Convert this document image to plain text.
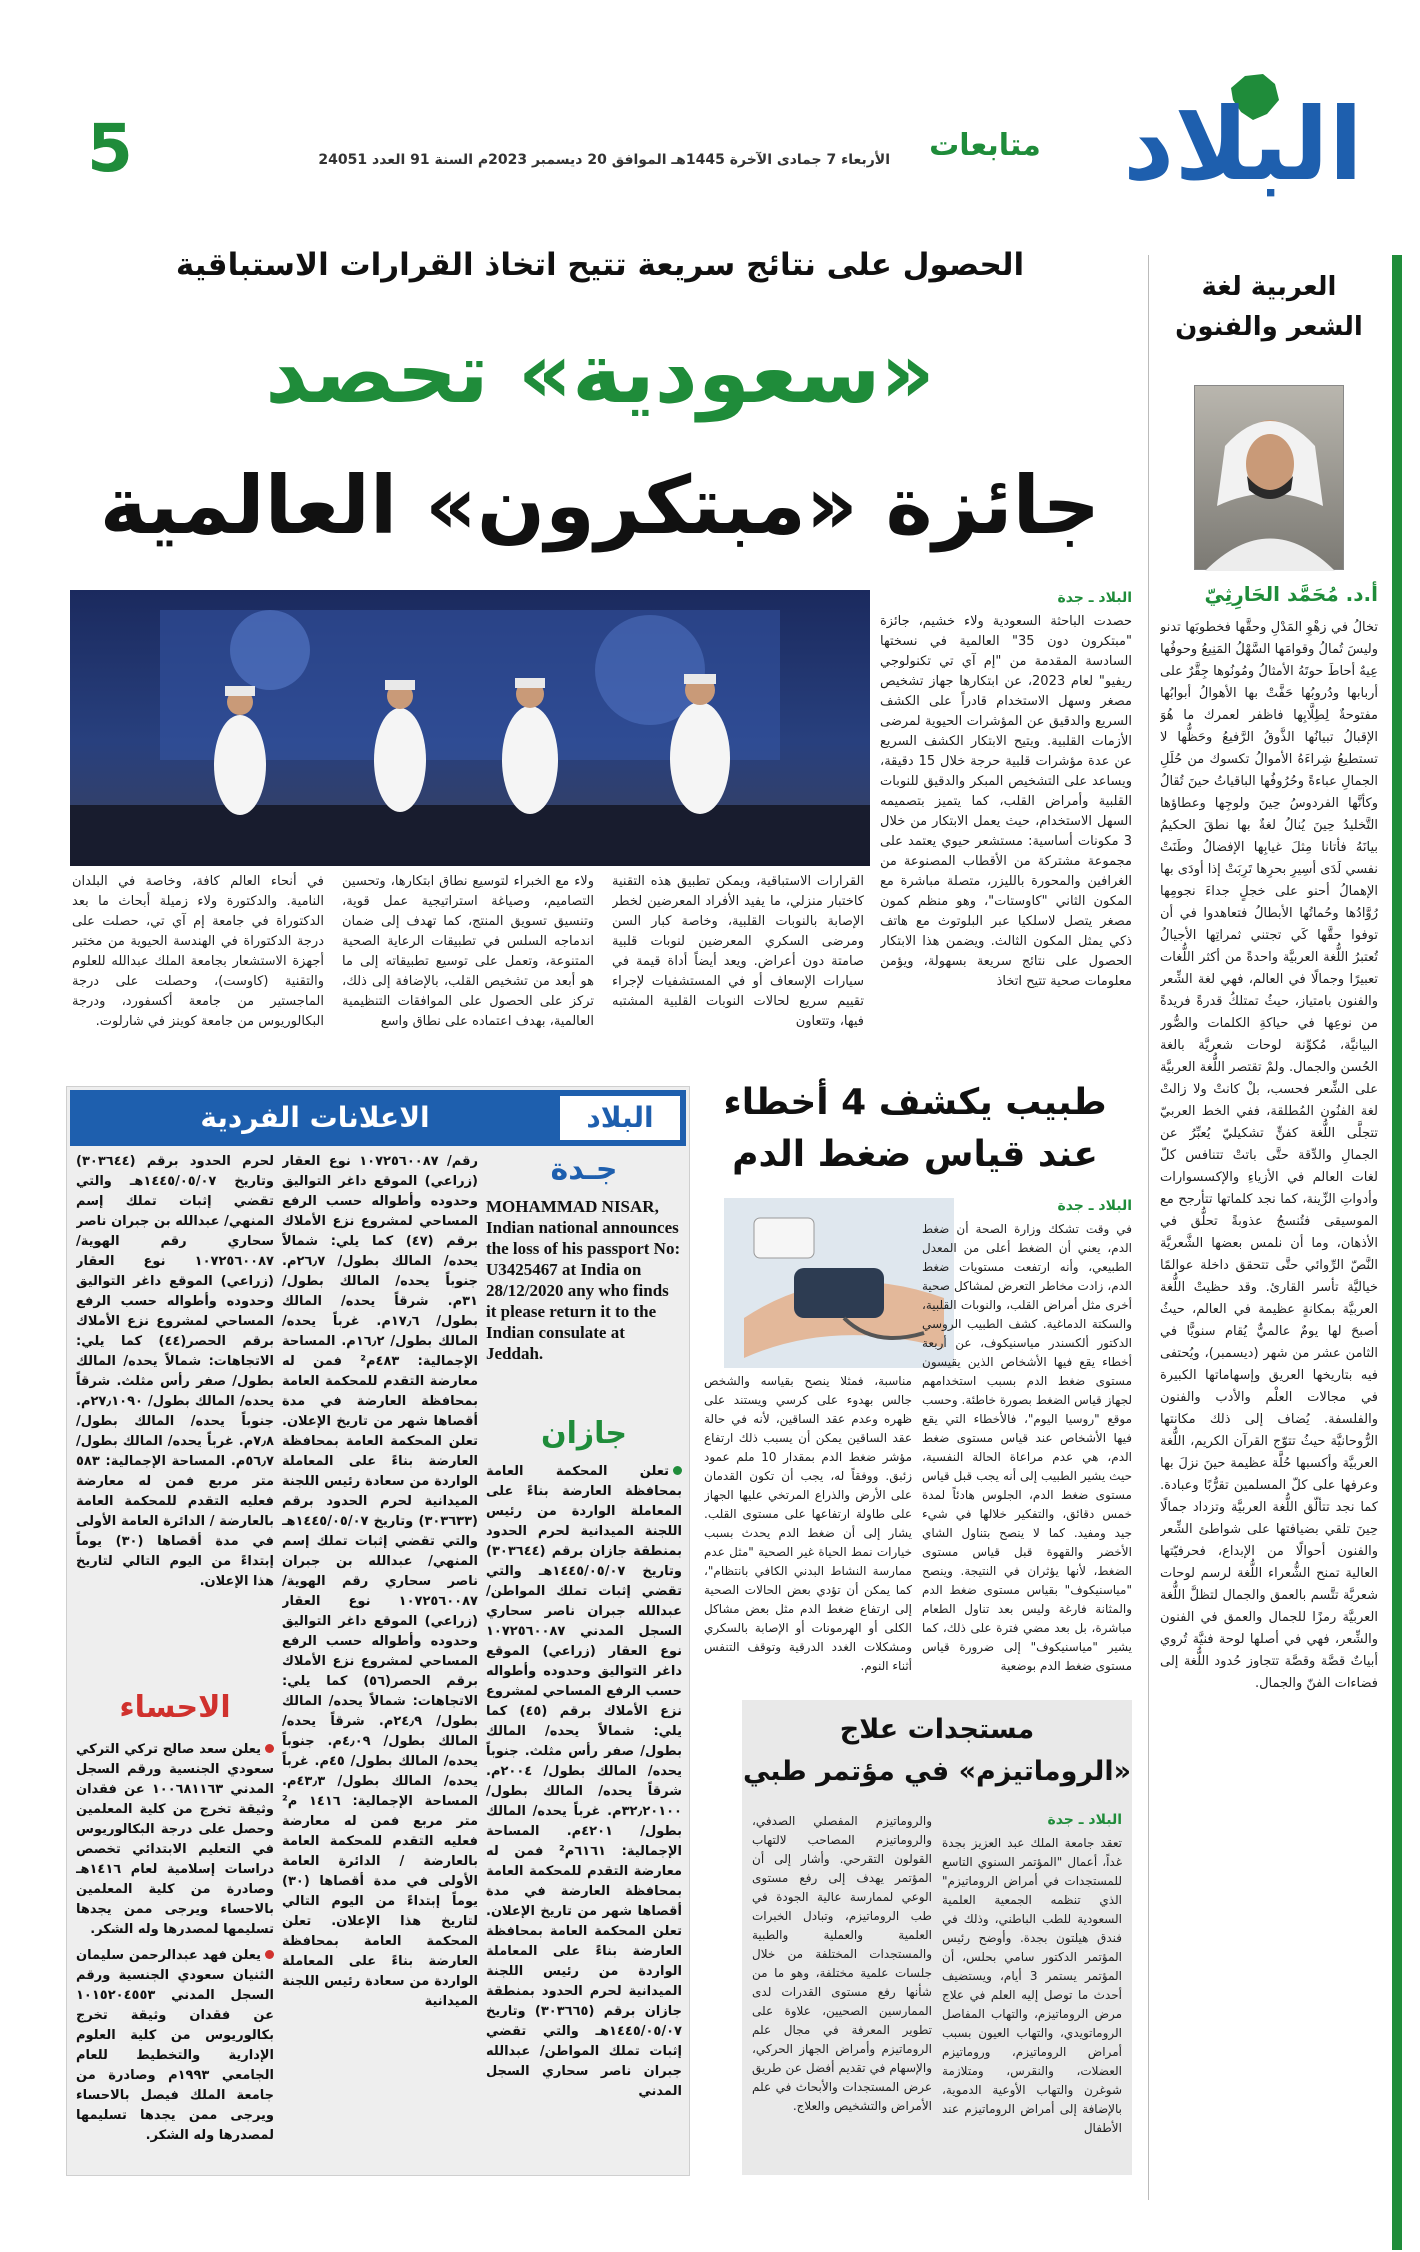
البلاد
متابعات
الأربعاء 7 جمادى الآخرة 1445هـ الموافق 20 ديسمبر 2023م السنة 91 العدد 24051
5
العربية لغة
الشعر والفنون
أ.د. مُحَمَّد الحَارِثِيّ
تخالُ في زهْوِ المَدْلِ وحقَّها فخطوبَها تدنو وليسَ تُمالُ وقوامَها السَّهْلُ المَنِيعُ وحوفُها عِيهٌ أحاطَ حوتَهُ الأمثالُ ومُونُوها جِقَّرٌ على أربابها ودُروبُها حَفَّتْ بها الأهوالُ أبوابُها مفتوحةٌ لِطِلَّابِها فاظفر لعمرك ما هُوَ الإقبالُ تبيانُها الذَّوقُ الرَّفيعُ وحَظُّها لا تستطيعُ شِراءَهُ الأموالُ تكسوك من حُلَلِ الجمالِ عباءةً وحُرُوفُها الباقياتُ حينَ تُقالُ وكأنَّها الفردوسُ حِينَ ولوجِها وعطاؤها التَّخليدُ حِينَ يُنالُ لغةٌ بها نطقَ الحكيمُ بيانَهُ فأتانا مِثلَ غيابِها الإفضالُ وطَنَتْ نفسي لَدَى أسِيرِ بحرِها تَرِبَتْ إذا أودَى بها الإهمالُ أحنو على خجلٍ جداءَ نجومِها رُوَّادُها وحُماتُها الأبطالُ فتعاهدوا في أن توفوا حقَّها كَي تجتني ثمراتِها الأجيالُ تُعتبرُ اللُّغة العربيَّة واحدةً من أكثر اللُّغات تعبيرًا وجمالًا في العالم، فهي لغة الشِّعر والفنون بامتياز، حيثُ تمتلكُ قدرةً فريدةً من نوعِها في حياكةِ الكلمات والصُّور البيانيَّة، مُكوِّنة لوحات شعريَّة بالغة الحُسن والجمال. ولمْ تقتصر اللُّغة العربيَّة على الشِّعر فحسب، بلْ كانتْ ولا زالتْ لغة الفنُون المُطلقة، ففي الخط العربيّ تتجلَّى اللُّغة كفنٍّ تشكيليّ يُعبِّرُ عن الجمالِ والدِّقة حتَّى باتتْ تتنافس كلّ لغات العالم في الأزياءِ والإكسسوارات وأدواتِ الزِّينة، كما نجد كلماتها تتأرجح مع الموسيقى فتُنسجُ عذوبةً تحلُّق في الأذهان، وما أن نلمس بعضها الشَّعريَّة النَّصّ الرِّوائي حتَّى تتحقق داخلة عوالمًا خياليَّة تأسر القارئ. وقد حظيتْ اللُّغة العربيَّة بمكانةٍ عظيمة في العالم، حيثُ أصبحَ لها يومٌ عالميٌّ يُقام سنويًّا في الثامن عشر من شهر (ديسمبر)، ويُحتفى فيه بتاريخها العريق وإسهاماتها الكبيرة في مجالات العلْم والأدب والفنون والفلسفة. يُضاف إلى ذلك مكانتها الرُّوحانيَّة حيثُ تتوّج القرآن الكريم، اللُّغة العربيَّة وأكسبها حُلَّة عظيمة حينَ نزلَ بها وعرفها على كلّ المسلمين تقرُّبًا وعبادة. كما نجد تتألّق اللُّغة العربيَّة وتزداد جمالًا حِينَ تلقي بضيافتها على شواطئ الشِّعر والفنون أحوالًا من الإبداع، فحرفيّتها العالية تمنح الشُّعراء اللُّغة لرسم لوحات شعريَّة تتَّسم بالعمق والجمال لتظلَّ اللُّغة العربيَّة رمزًا للجمال والعمق في الفنون والشِّعر، فهي في أصلها لوحة فنيَّة تُروي أبياتٌ قصَّة وقصَّة تتجاوز حُدود اللُّغة إلى فضاءات الفنّ والجمال.
الحصول على نتائج سريعة تتيح اتخاذ القرارات الاستباقية
«سعودية» تحصد
جائزة «مبتكرون» العالمية
البلاد ـ جدة
حصدت الباحثة السعودية ولاء خشيم، جائزة "مبتكرون دون 35" العالمية في نسختها السادسة المقدمة من "إم آي تي تكنولوجي ريفيو" لعام 2023، عن ابتكارها جهاز تشخيص مصغر وسهل الاستخدام قادراً على الكشف السريع والدقيق عن المؤشرات الحيوية لمرضى الأزمات القلبية. ويتيح الابتكار الكشف السريع عن عدة مؤشرات قلبية حرجة خلال 15 دقيقة، ويساعد على التشخيص المبكر والدقيق للنوبات القلبية وأمراض القلب، كما يتميز بتصميمه السهل الاستخدام، حيث يعمل الابتكار من خلال 3 مكونات أساسية: مستشعر حيوي يعتمد على مجموعة مشتركة من الأقطاب المصنوعة من الغرافين والمحورة بالليزر، متصلة مباشرة مع المكون الثاني "كاوستات"، وهو منظم كمون مصغر يتصل لاسلكيا عبر البلوتوث مع هاتف ذكي يمثل المكون الثالث. ويضمن هذا الابتكار الحصول على نتائج سريعة بسهولة، ويؤمن معلومات صحية تتيح اتخاذ
القرارات الاستباقية، ويمكن تطبيق هذه التقنية كاختبار منزلي، ما يفيد الأفراد المعرضين لخطر الإصابة بالنوبات القلبية، وخاصة كبار السن ومرضى السكري المعرضين لنوبات قلبية صامتة دون أعراض. ويعد أيضاً أداة قيمة في سيارات الإسعاف أو في المستشفيات لإجراء تقييم سريع لحالات النوبات القلبية المشتبه فيها، وتتعاون
ولاء مع الخبراء لتوسيع نطاق ابتكارها، وتحسين التصاميم، وصياغة استراتيجية عمل قوية، وتنسيق تسويق المنتج، كما تهدف إلى ضمان اندماجه السلس في تطبيقات الرعاية الصحية المتنوعة، وتعمل على توسيع تطبيقاته إلى ما هو أبعد من تشخيص القلب، بالإضافة إلى ذلك، تركز على الحصول على الموافقات التنظيمية العالمية، بهدف اعتماده على نطاق واسع
في أنحاء العالم كافة، وخاصة في البلدان النامية. والدكتورة ولاء زميلة أبحاث ما بعد الدكتوراة في جامعة إم آي تي، حصلت على درجة الدكتوراة في الهندسة الحيوية من مختبر أجهزة الاستشعار بجامعة الملك عبدالله للعلوم والتقنية (كاوست)، وحصلت على درجة الماجستير من جامعة أكسفورد، ودرجة البكالوريوس من جامعة كوينز في شارلوت.
طبيب يكشف 4 أخطاء
عند قياس ضغط الدم
البلاد ـ جدة
في وقت تشكك وزارة الصحة أن ضغط الدم، يعني أن الضغط أعلى من المعدل الطبيعي، وأنه ارتفعت مستويات ضغط الدم، زادت مخاطر التعرض لمشاكل صحية أخرى مثل أمراض القلب، والنوبات القلبية، والسكتة الدماغية. كشف الطبيب الروسي الدكتور ألكسندر مياسنيكوف، عن أربعة أخطاء يقع فيها الأشخاص الذين يقيسون مستوى ضغط الدم بسبب استخدامهم لجهاز قياس الضغط بصورة خاطئة. وحسب موقع "روسيا اليوم"، فالأخطاء التي يقع فيها الأشخاص عند قياس مستوى ضغط الدم، هي عدم مراعاة الحالة النفسية، حيث يشير الطبيب إلى أنه يجب قبل قياس مستوى ضغط الدم، الجلوس هادئاً لمدة خمس دقائق، والتفكير خلالها في شيء جيد ومفيد. كما لا ينصح بتناول الشاي الأخضر والقهوة قبل قياس مستوى الضغط، لأنها يؤثران في النتيجة. وينصح "مياسنيكوف" بقياس مستوى ضغط الدم والمثانة فارغة وليس بعد تناول الطعام مباشرة، بل بعد مضي فترة على ذلك، كما يشير "مياسنيكوف" إلى ضرورة قياس مستوى ضغط الدم بوضعية
مناسبة، فمثلا ينصح بقياسه والشخص جالس بهدوء على كرسي ويستند على ظهره وعدم عقد الساقين، لأنه في حالة عقد الساقين يمكن أن يسبب ذلك ارتفاع مؤشر ضغط الدم بمقدار 10 ملم عمود زئبق. ووفقاً له، يجب أن تكون القدمان على الأرض والذراع المرتخي عليها الجهاز على طاولة ارتفاعها على مستوى القلب. يشار إلى أن ضغط الدم يحدث بسبب خيارات نمط الحياة غير الصحية "مثل عدم ممارسة النشاط البدني الكافي بانتظام"، كما يمكن أن تؤدي بعض الحالات الصحية إلى ارتفاع ضغط الدم مثل بعض مشاكل الكلى أو الهرمونات أو الإصابة بالسكري ومشكلات الغدد الدرقية وتوقف التنفس أثناء النوم.
مستجدات علاج
«الروماتيزم» في مؤتمر طبي
البلاد ـ جدة
تعقد جامعة الملك عبد العزيز بجدة غداً، أعمال "المؤتمر السنوي التاسع للمستجدات في أمراض الروماتيزم" الذي تنظمه الجمعية العلمية السعودية للطب الباطني، وذلك في فندق هيلتون بجدة. وأوضح رئيس المؤتمر الدكتور سامي بحلس، أن المؤتمر يستمر 3 أيام، ويستضيف أحدث ما توصل إليه العلم في علاج مرض الروماتيزم، والتهاب المفاصل الروماتويدي، والتهاب العيون بسبب أمراض الروماتيزم، وروماتيزم العضلات، والنقرس، ومتلازمة شوغرن والتهاب الأوعية الدموية، بالإضافة إلى أمراض الروماتيزم عند الأطفال
والروماتيزم المفصلي الصدفي، والروماتيزم المصاحب لالتهاب القولون التقرحي. وأشار إلى أن المؤتمر يهدف إلى رفع مستوى الوعي لممارسة عالية الجودة في طب الروماتيزم، وتبادل الخبرات العلمية والعملية والطبية والمستجدات المختلفة من خلال جلسات علمية مختلفة، وهو ما من شأنها رفع مستوى القدرات لدى الممارسين الصحيين، علاوة على تطوير المعرفة في مجال علم الروماتيزم وأمراض الجهاز الحركي، والإسهام في تقديم أفضل عن طريق عرض المستجدات والأبحاث في علم الأمراض والتشخيص والعلاج.
البلاد
الاعلانات الفردية
جـدة
MOHAMMAD NISAR, Indian national announces the loss of his passport No: U3425467 at India on 28/12/2020 any who finds it please return it to the Indian consulate at Jeddah.
جازان
تعلن المحكمة العامة بمحافظة العارضة بناءً على المعاملة الواردة من رئيس اللجنة الميدانية لحرم الحدود بمنطقة جازان برقم (٣٠٣٦٤٤) وتاريخ ١٤٤٥/٠٥/٠٧هـ والتي تقضي إثبات تملك المواطن/ عبدالله جبران ناصر سحاري السجل المدني ١٠٧٢٥٦٠٠٨٧ نوع العقار (زراعي) الموقع داغر التواليق وحدوده وأطواله حسب الرفع المساحي لمشروع نزع الأملاك برقم (٤٥) كما يلي: شمالاً يحده/ المالك بطول/ صفر رأس مثلث. جنوباً يحده/ المالك بطول/ ٢٠٠٤م. شرقاً يحده/ المالك بطول/ ٣٢٫٢٠١٠٠م. غرباً يحده/ المالك بطول/ ٤٢٠١م. المساحة الإجمالية: ٦١٦١م² فمن له معارضة التقدم للمحكمة العامة بمحافظة العارضة في مدة أقصاها شهر من تاريخ الإعلان. تعلن المحكمة العامة بمحافظة العارضة بناءً على المعاملة الواردة من رئيس اللجنة الميدانية لحرم الحدود بمنطقة جازان برقم (٣٠٣٦٦٥) وتاريخ ١٤٤٥/٠٥/٠٧هـ والتي تقضي إثبات تملك المواطن/ عبدالله جبران ناصر سحاري السجل المدني
رقم/ ١٠٧٢٥٦٠٠٨٧ نوع العقار (زراعي) الموقع داغر التواليق وحدوده وأطواله حسب الرفع المساحي لمشروع نزع الأملاك برقم (٤٧) كما يلي: شمالاً يحده/ المالك بطول/ ٢٦٫٧م. جنوباً يحده/ المالك بطول/ ٣١م. شرقاً يحده/ المالك بطول/ ١٧٫٦م. غرباً يحده/ المالك بطول/ ١٦٫٢م. المساحة الإجمالية: ٤٨٣م² فمن له معارضة التقدم للمحكمة العامة بمحافظة العارضة في مدة أقصاها شهر من تاريخ الإعلان. تعلن المحكمة العامة بمحافظة العارضة بناءً على المعاملة الواردة من سعادة رئيس اللجنة الميدانية لحرم الحدود برقم (٣٠٣٦٣٣) وتاريخ ١٤٤٥/٠٥/٠٧هـ والتي تقضي إثبات تملك إسم المنهي/ عبدالله بن جبران ناصر سحاري رقم الهوية/ ١٠٧٢٥٦٠٠٨٧ نوع العقار (زراعي) الموقع داغر التواليق وحدوده وأطواله حسب الرفع المساحي لمشروع نزع الأملاك برقم الحصر(٥٦) كما يلي: الاتجاهات: شمالاً يحده/ المالك بطول/ ٢٤٫٩م. شرقاً يحده/ المالك بطول/ ٤٫٠٩م. جنوباً يحده/ المالك بطول/ ٤٥م. غرباً يحده/ المالك بطول/ ٤٣٫٣م. المساحة الإجمالية: ١٤١٦ م² متر مربع فمن له معارضة فعليه التقدم للمحكمة العامة بالعارضة / الدائرة العامة الأولى في مدة أقصاها (٣٠) يوماً إبتداءً من اليوم التالي لتاريخ هذا الإعلان. تعلن المحكمة العامة بمحافظة العارضة بناءً على المعاملة الواردة من سعادة رئيس اللجنة الميدانية
لحرم الحدود برقم (٣٠٣٦٤٤) وتاريخ ١٤٤٥/٠٥/٠٧هـ والتي تقضي إثبات تملك إسم المنهي/ عبدالله بن جبران ناصر سحاري رقم الهوية/ ١٠٧٢٥٦٠٠٨٧ نوع العقار (زراعي) الموقع داغر التواليق وحدوده وأطواله حسب الرفع المساحي لمشروع نزع الأملاك برقم الحصر(٤٤) كما يلي: الاتجاهات: شمالاً يحده/ المالك بطول/ صفر رأس مثلث. شرقاً يحده/ المالك بطول/ ٢٧٫١٠٩٠م. جنوباً يحده/ المالك بطول/ ٧٫٨م. غرباً يحده/ المالك بطول/ ٥٦٫٧م. المساحة الإجمالية: ٥٨٣ متر مربع فمن له معارضة فعليه التقدم للمحكمة العامة بالعارضة / الدائرة العامة الأولى في مدة أقصاها (٣٠) يوماً إبتداءً من اليوم التالي لتاريخ هذا الإعلان.
الاحساء
يعلن سعد صالح تركي التركي سعودي الجنسية ورقم السجل المدني ١٠٠٦٨١١٦٣ عن فقدان وثيقة تخرج من كلية المعلمين وحصل على درجة البكالوريوس في التعليم الابتدائي تخصص دراسات إسلامية لعام ١٤١٦هـ وصادرة من كلية المعلمين بالاحساء ويرجى ممن يجدها تسليمها لمصدرها وله الشكر.
يعلن فهد عبدالرحمن سليمان الثنيان سعودي الجنسية ورقم السجل المدني ١٠١٥٢٠٤٥٥٣ عن فقدان وثيقة تخرج بكالوريوس من كلية العلوم الإدارية والتخطيط للعام الجامعي ١٩٩٣م وصادرة من جامعة الملك فيصل بالاحساء ويرجى ممن يجدها تسليمها لمصدرها وله الشكر.
